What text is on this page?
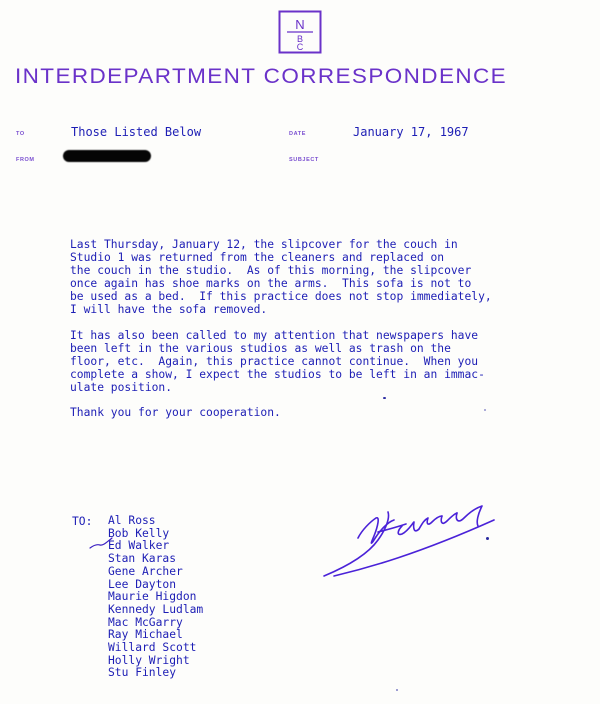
N
B
C
INTERDEPARTMENT CORRESPONDENCE
TO
FROM
DATE
SUBJECT
Those Listed Below	January 17, 1967

Last Thursday, January 12, the slipcover for the couch in
Studio 1 was returned from the cleaners and replaced on
the couch in the studio.  As of this morning, the slipcover
once again has shoe marks on the arms.  This sofa is not to
be used as a bed.  If this practice does not stop immediately,
I will have the sofa removed.

It has also been called to my attention that newspapers have
been left in the various studios as well as trash on the
floor, etc.  Again, this practice cannot continue.  When you
complete a show, I expect the studios to be left in an immac-
ulate position.

Thank you for your cooperation.

TO: Al Ross
Bob Kelly
Ed Walker
Stan Karas
Gene Archer
Lee Dayton
Maurie Higdon
Kennedy Ludlam
Mac McGarry
Ray Michael
Willard Scott
Holly Wright
Stu Finley
